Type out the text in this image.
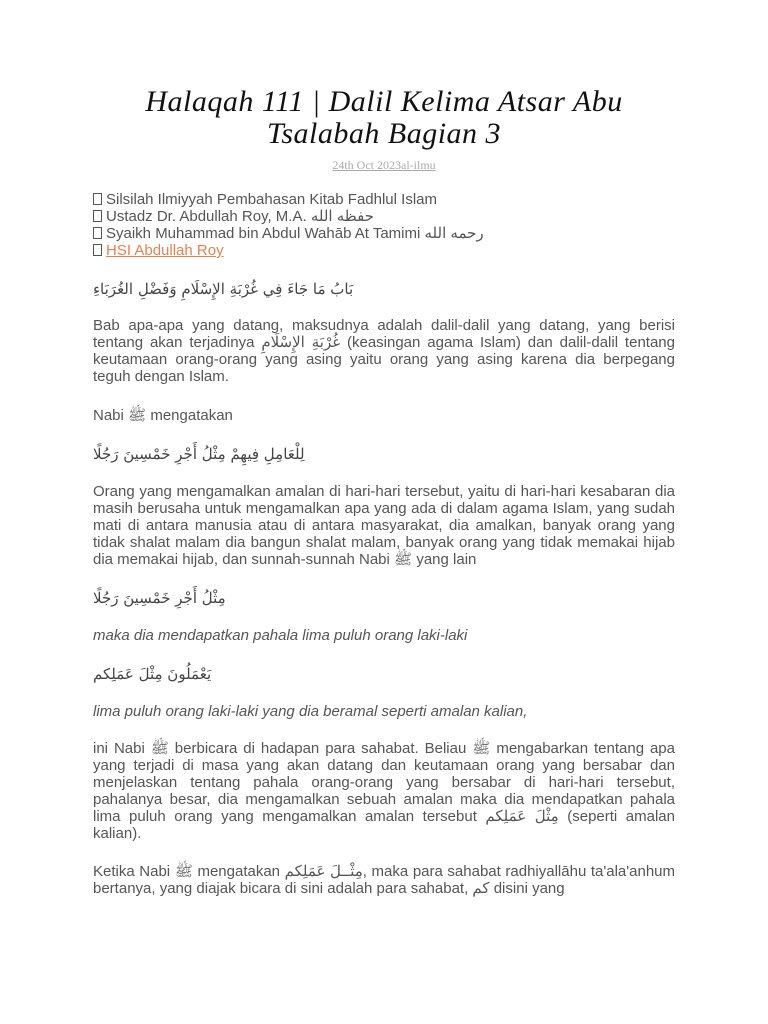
Halaqah 111 | Dalil Kelima Atsar Abu Tsalabah Bagian 3
24th Oct 2023al-ilmu
Silsilah Ilmiyyah Pembahasan Kitab Fadhlul Islam
Ustadz Dr. Abdullah Roy, M.A. حفظه الله
Syaikh Muhammad bin Abdul Wahāb At Tamimi رحمه الله
HSI Abdullah Roy
بَابُ مَا جَاءَ فِي غُرْبَةِ الإِسْلَامِ وَفَضْلِ الغُرَبَاءِ

Bab apa-apa yang datang, maksudnya adalah dalil-dalil yang datang, yang berisi tentang akan terjadinya غُرْبَةِ الإِسْلَامِ (keasingan agama Islam) dan dalil-dalil tentang keutamaan orang-orang yang asing yaitu orang yang asing karena dia berpegang teguh dengan Islam.

Nabi ﷺ mengatakan

لِلْعَامِلِ فِيهِمْ مِثْلُ أَجْرِ خَمْسِينَ رَجُلًا

Orang yang mengamalkan amalan di hari-hari tersebut, yaitu di hari-hari kesabaran dia masih berusaha untuk mengamalkan apa yang ada di dalam agama Islam, yang sudah mati di antara manusia atau di antara masyarakat, dia amalkan, banyak orang yang tidak shalat malam dia bangun shalat malam, banyak orang yang tidak memakai hijab dia memakai hijab, dan sunnah-sunnah Nabi ﷺ yang lain

مِثْلُ أَجْرِ خَمْسِينَ رَجُلًا

maka dia mendapatkan pahala lima puluh orang laki-laki

يَعْمَلُونَ مِثْلَ عَمَلِكم

lima puluh orang laki-laki yang dia beramal seperti amalan kalian,

ini Nabi ﷺ berbicara di hadapan para sahabat. Beliau ﷺ mengabarkan tentang apa yang terjadi di masa yang akan datang dan keutamaan orang yang bersabar dan menjelaskan tentang pahala orang-orang yang bersabar di hari-hari tersebut, pahalanya besar, dia mengamalkan sebuah amalan maka dia mendapatkan pahala lima puluh orang yang mengamalkan amalan tersebut مِثْلَ عَمَلِكم (seperti amalan kalian).

Ketika Nabi ﷺ mengatakan مِثْــلَ عَمَلِكم, maka para sahabat radhiyallāhu ta'ala'anhum bertanya, yang diajak bicara di sini adalah para sahabat, كم disini yang
